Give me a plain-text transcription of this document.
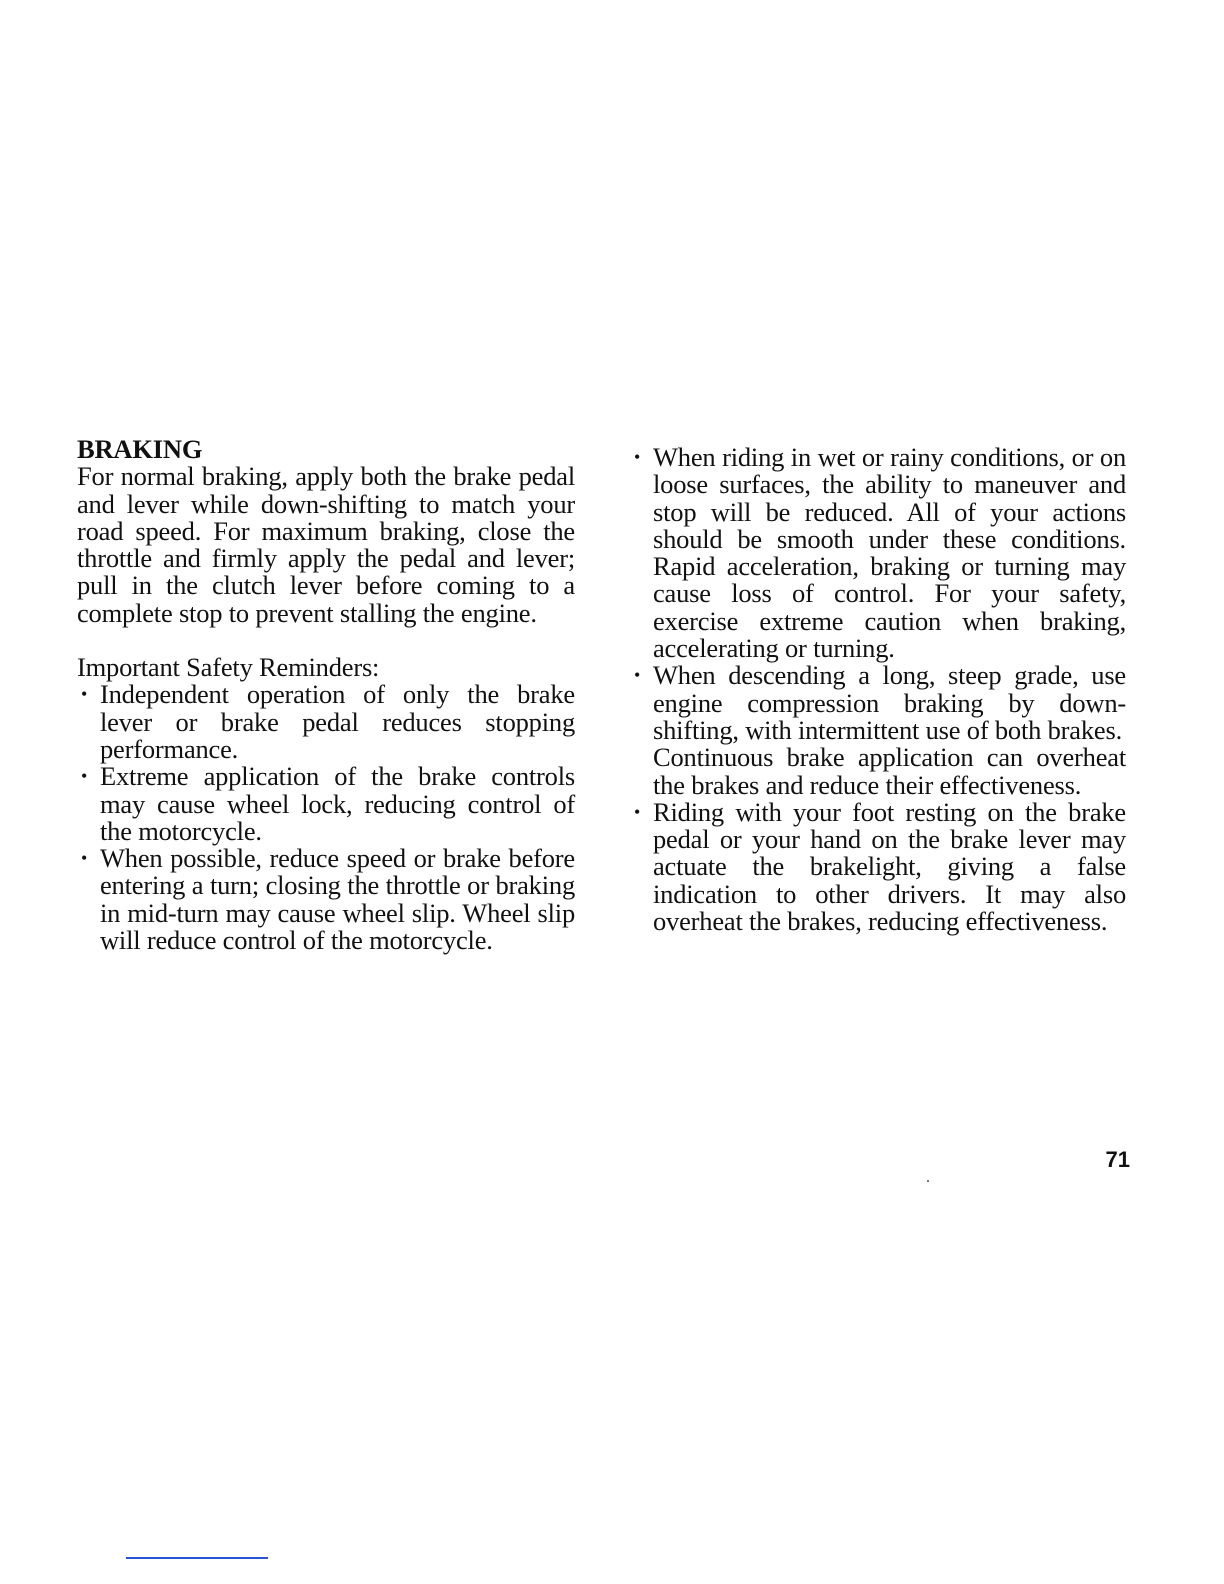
BRAKING

For normal braking, apply both the brake pedal and lever while down-shifting to match your road speed. For maximum braking, close the throttle and firmly apply the pedal and lever; pull in the clutch lever before coming to a complete stop to prevent stalling the engine.

Important Safety Reminders:

• Independent operation of only the brake lever or brake pedal reduces stopping performance.
• Extreme application of the brake controls may cause wheel lock, reducing control of the motorcycle.
• When possible, reduce speed or brake before entering a turn; closing the throttle or braking in mid-turn may cause wheel slip. Wheel slip will reduce control of the motorcycle.
• When riding in wet or rainy conditions, or on loose surfaces, the ability to maneuver and stop will be reduced. All of your actions should be smooth under these conditions. Rapid acceleration, braking or turning may cause loss of control. For your safety, exercise extreme caution when braking, accelerating or turning.
• When descending a long, steep grade, use engine compression braking by down-shifting, with intermittent use of both brakes.

Continuous brake application can overheat the brakes and reduce their effectiveness.

• Riding with your foot resting on the brake pedal or your hand on the brake lever may actuate the brakelight, giving a false indication to other drivers. It may also overheat the brakes, reducing effectiveness.

71
